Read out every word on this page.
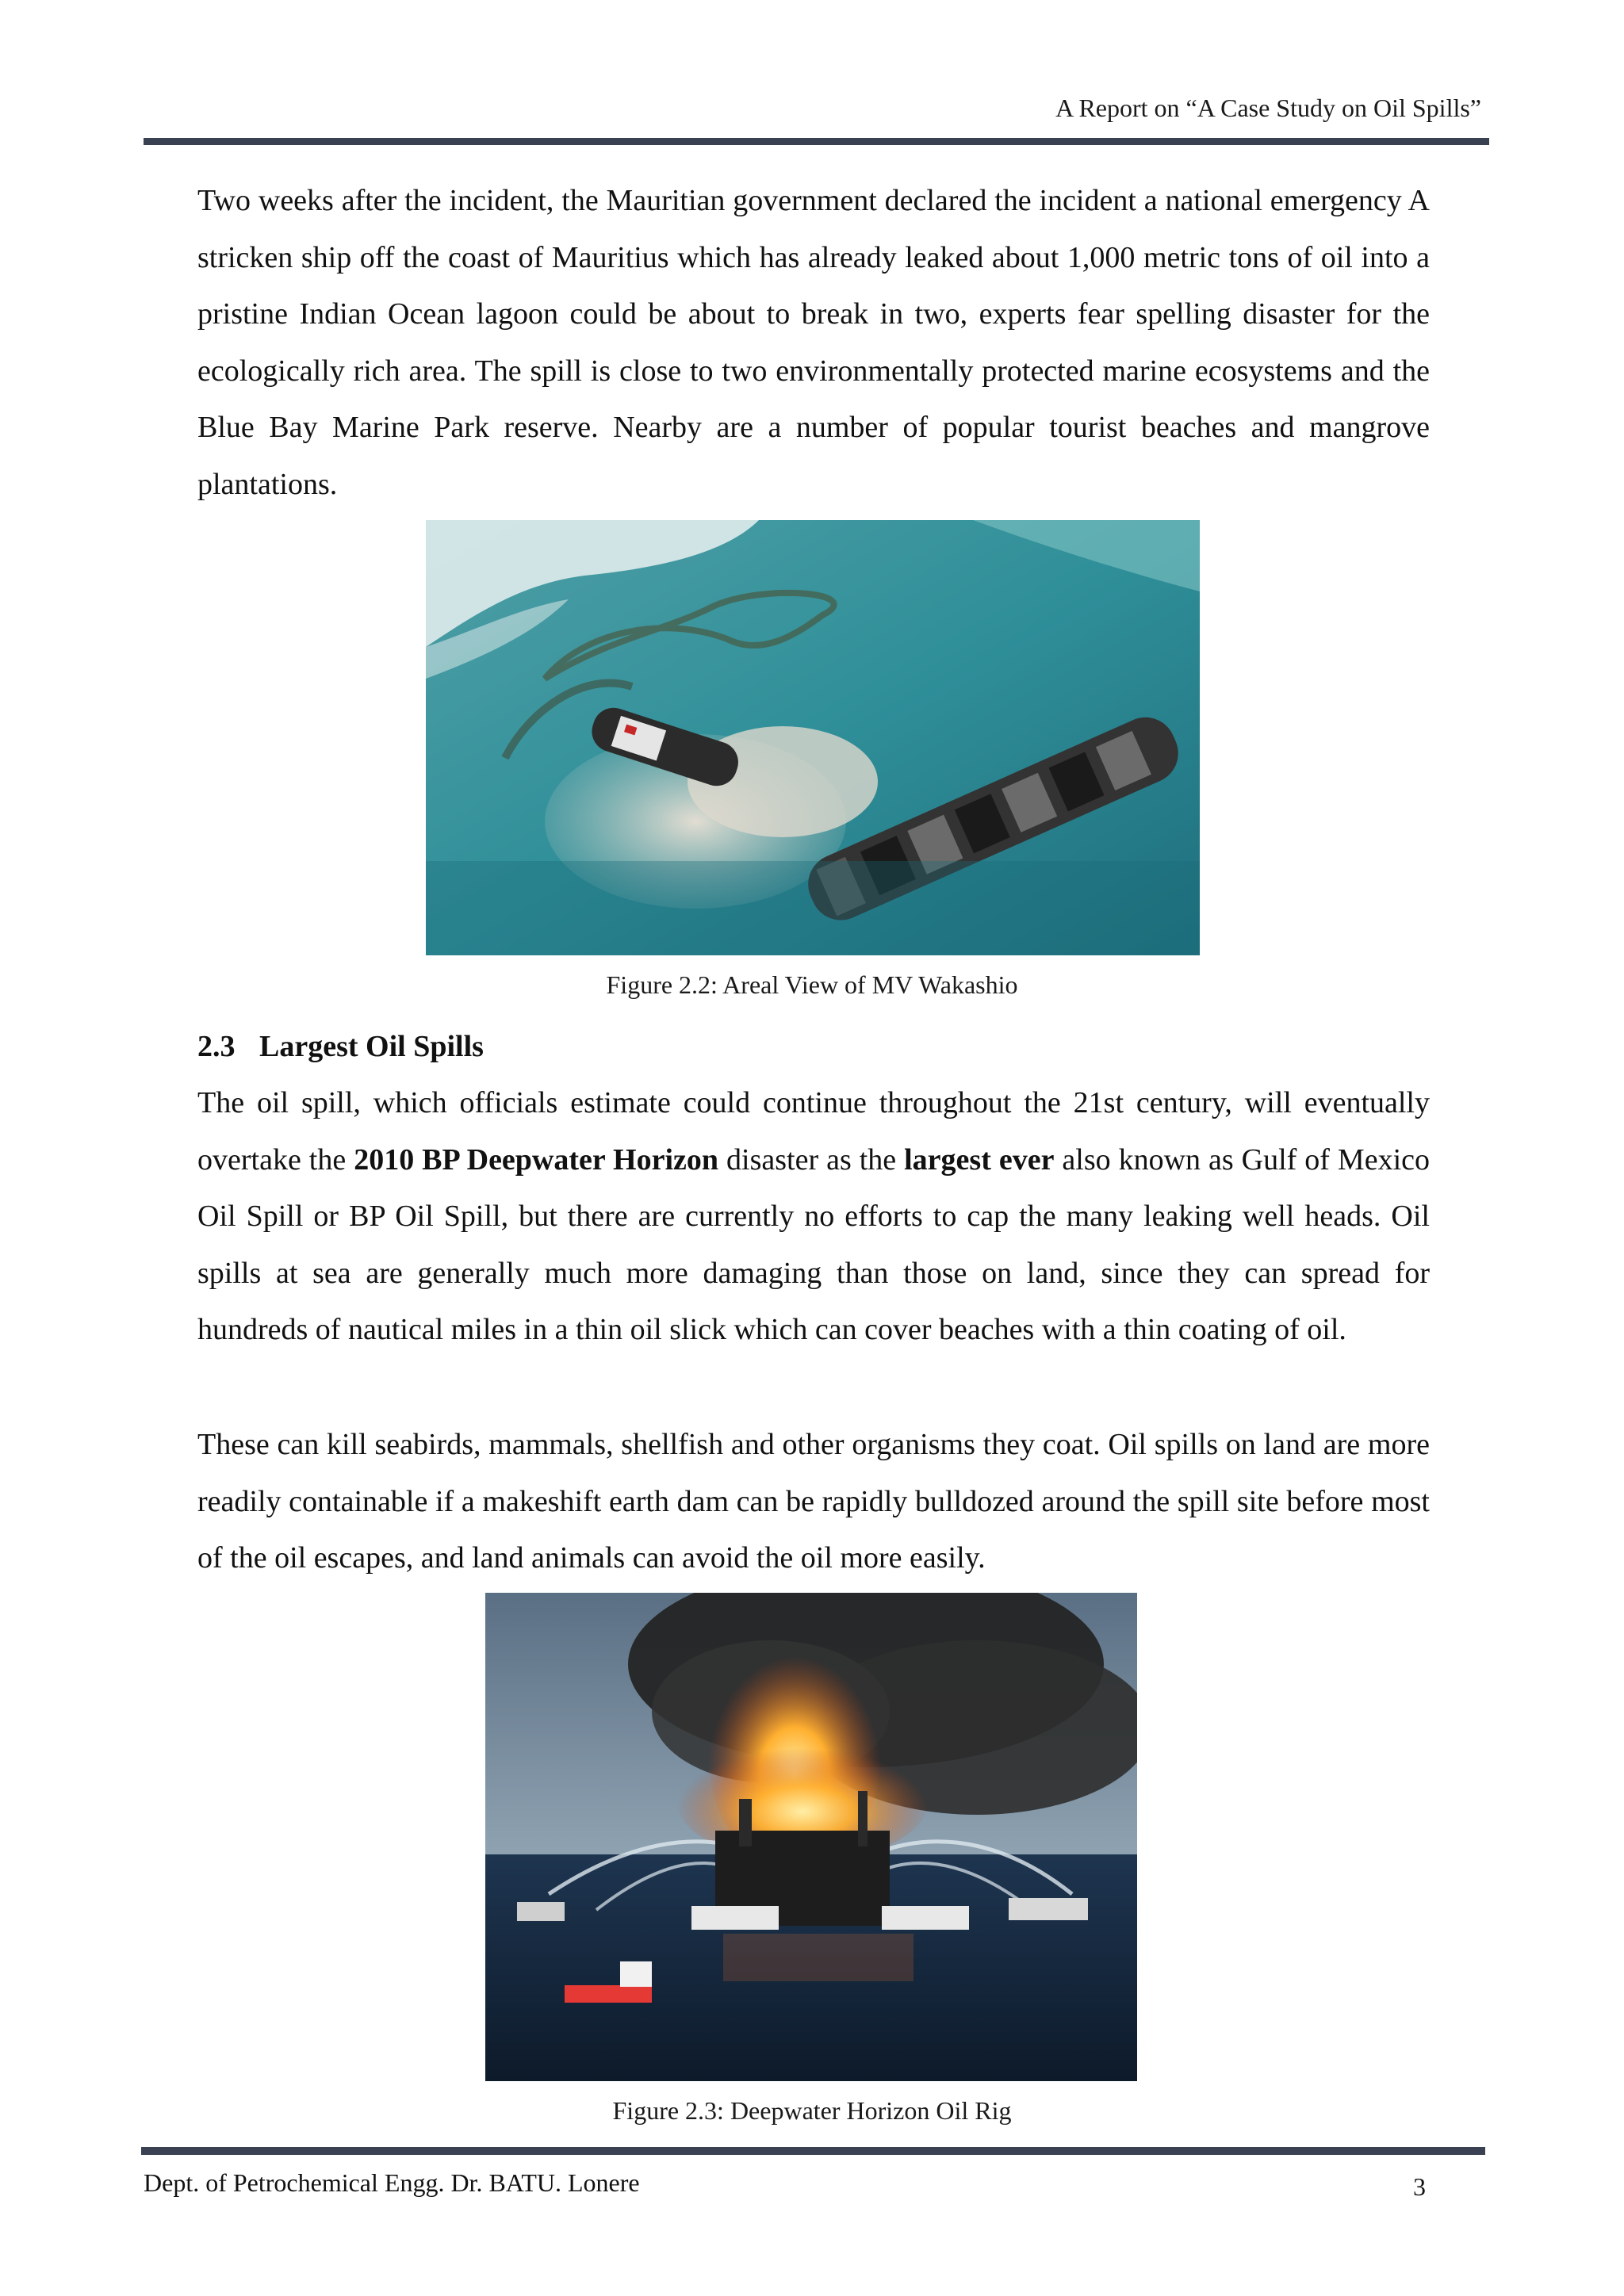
A Report on “A Case Study on Oil Spills”

Two weeks after the incident, the Mauritian government declared the incident a national emergency A stricken ship off the coast of Mauritius which has already leaked about 1,000 metric tons of oil into a pristine Indian Ocean lagoon could be about to break in two, experts fear spelling disaster for the ecologically rich area. The spill is close to two environmentally protected marine ecosystems and the Blue Bay Marine Park reserve. Nearby are a number of popular tourist beaches and mangrove plantations.

Figure 2.2: Areal View of MV Wakashio
2.3 Largest Oil Spills

The oil spill, which officials estimate could continue throughout the 21st century, will eventually overtake the 2010 BP Deepwater Horizon disaster as the largest ever also known as Gulf of Mexico Oil Spill or BP Oil Spill, but there are currently no efforts to cap the many leaking well heads. Oil spills at sea are generally much more damaging than those on land, since they can spread for hundreds of nautical miles in a thin oil slick which can cover beaches with a thin coating of oil.

These can kill seabirds, mammals, shellfish and other organisms they coat. Oil spills on land are more readily containable if a makeshift earth dam can be rapidly bulldozed around the spill site before most of the oil escapes, and land animals can avoid the oil more easily.

Figure 2.3: Deepwater Horizon Oil Rig
Dept. of Petrochemical Engg. Dr. BATU. Lonere	3
